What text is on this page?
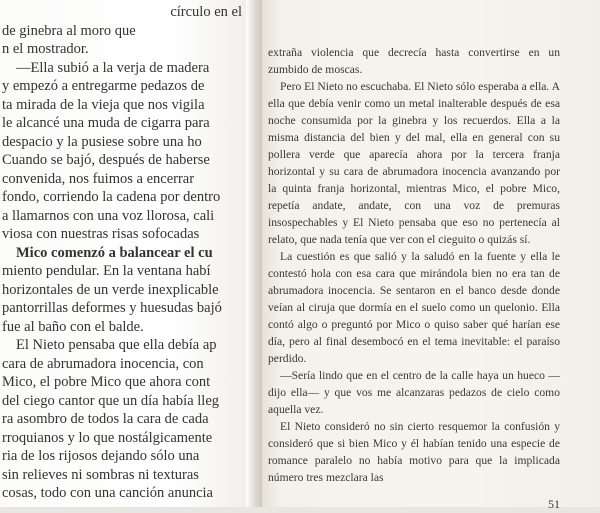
círculo en el
de ginebra al moro que
n el mostrador.
—Ella subió a la verja de madera
y empezó a entregarme pedazos de
ta mirada de la vieja que nos vigila
le alcancé una muda de cigarra para
despacio y la pusiese sobre una ho
Cuando se bajó, después de haberse
convenida, nos fuimos a encerrar
fondo, corriendo la cadena por dentro
a llamarnos con una voz llorosa, cali
viosa con nuestras risas sofocadas
Mico comenzó a balancear el cu
miento pendular. En la ventana habí
horizontales de un verde inexplicable
pantorrillas deformes y huesudas bajó
fue al baño con el balde.
El Nieto pensaba que ella debía ap
cara de abrumadora inocencia, con
Mico, el pobre Mico que ahora cont
del ciego cantor que un día había lleg
ra asombro de todos la cara de cada
rroquianos y lo que nostálgicamente
ria de los rijosos dejando sólo una
sin relieves ni sombras ni texturas
cosas, todo con una canción anuncia

extraña violencia que decrecía hasta convertirse en un zumbido de moscas.

Pero El Nieto no escuchaba. El Nieto sólo esperaba a ella. A ella que debía venir como un metal inalterable después de esa noche consumida por la ginebra y los recuerdos. Ella a la misma distancia del bien y del mal, ella en general con su pollera verde que aparecía ahora por la tercera franja horizontal y su cara de abrumadora inocencia avanzando por la quinta franja horizontal, mientras Mico, el pobre Mico, repetía andate, andate, con una voz de premuras insospechables y El Nieto pensaba que eso no pertenecía al relato, que nada tenía que ver con el cieguito o quizás sí.

La cuestión es que salió y la saludó en la fuente y ella le contestó hola con esa cara que mirándola bien no era tan de abrumadora inocencia. Se sentaron en el banco desde donde veían al ciruja que dormía en el suelo como un quelonio. Ella contó algo o preguntó por Mico o quiso saber qué harían ese día, pero al final desembocó en el tema inevitable: el paraíso perdido.

—Sería lindo que en el centro de la calle haya un hueco —dijo ella— y que vos me alcanzaras pedazos de cielo como aquella vez.

El Nieto consideró no sin cierto resquemor la confusión y consideró que si bien Mico y él habían tenido una especie de romance paralelo no había motivo para que la implicada número tres mezclara las

51
